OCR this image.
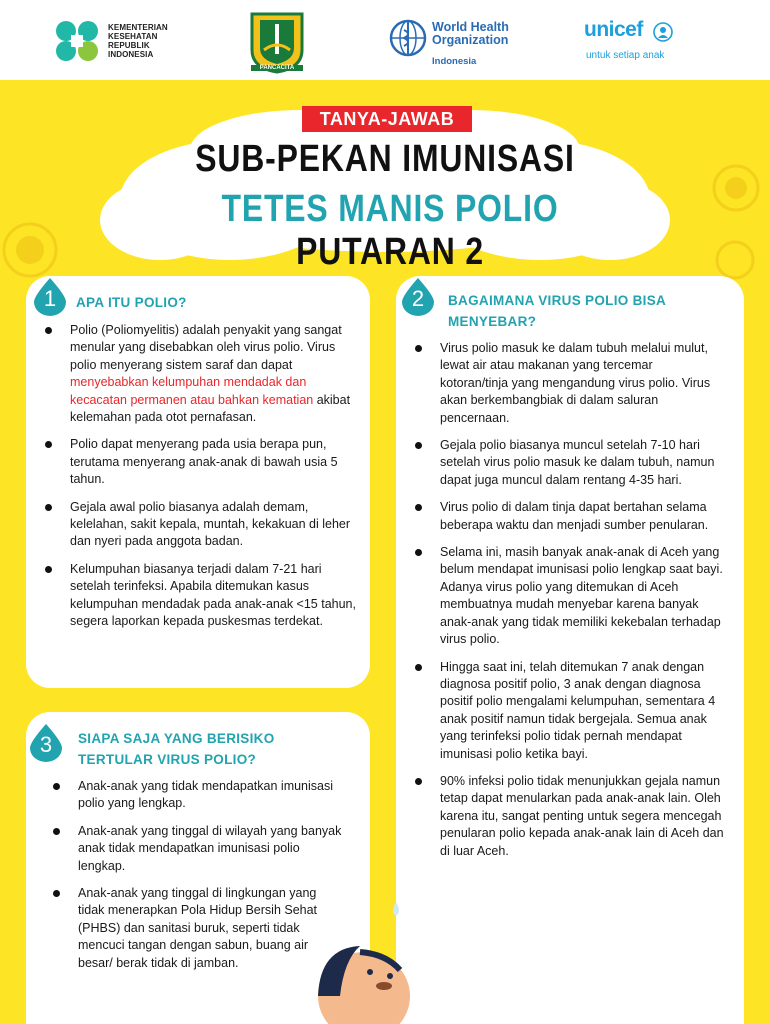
KEMENTERIAN
KESEHATAN
REPUBLIK
INDONESIA
PANCACITA
World Health
Organization
Indonesia
unicef
untuk setiap anak
TANYA-JAWAB
SUB-PEKAN IMUNISASI
TETES MANIS POLIO PUTARAN 2
1	APA ITU POLIO?
Polio (Poliomyelitis) adalah penyakit yang sangat menular yang disebabkan oleh virus polio. Virus polio menyerang sistem saraf dan dapat menyebabkan kelumpuhan mendadak dan kecacatan permanen atau bahkan kematian akibat kelemahan pada otot pernafasan.
Polio dapat menyerang pada usia berapa pun, terutama menyerang anak-anak di bawah usia 5 tahun.
Gejala awal polio biasanya adalah demam, kelelahan, sakit kepala, muntah, kekakuan di leher dan nyeri pada anggota badan.
Kelumpuhan biasanya terjadi dalam 7-21 hari setelah terinfeksi. Apabila ditemukan kasus kelumpuhan mendadak pada anak-anak <15 tahun, segera laporkan kepada puskesmas terdekat.
2	BAGAIMANA VIRUS POLIO BISA MENYEBAR?
Virus polio masuk ke dalam tubuh melalui mulut, lewat air atau makanan yang tercemar kotoran/tinja yang mengandung virus polio. Virus akan berkembangbiak di dalam saluran pencernaan.
Gejala polio biasanya muncul setelah 7-10 hari setelah virus polio masuk ke dalam tubuh, namun dapat juga muncul dalam rentang 4-35 hari.
Virus polio di dalam tinja dapat bertahan selama beberapa waktu dan menjadi sumber penularan.
Selama ini, masih banyak anak-anak di Aceh yang belum mendapat imunisasi polio lengkap saat bayi. Adanya virus polio yang ditemukan di Aceh membuatnya mudah menyebar karena banyak anak-anak yang tidak memiliki kekebalan terhadap virus polio.
Hingga saat ini, telah ditemukan 7 anak dengan diagnosa positif polio, 3 anak dengan diagnosa positif polio mengalami kelumpuhan, sementara 4 anak positif namun tidak bergejala. Semua anak yang terinfeksi polio tidak pernah mendapat imunisasi polio ketika bayi.
90% infeksi polio tidak menunjukkan gejala namun tetap dapat menularkan pada anak-anak lain. Oleh karena itu, sangat penting untuk segera mencegah penularan polio kepada anak-anak lain di Aceh dan di luar Aceh.
3	SIAPA SAJA YANG BERISIKO TERTULAR VIRUS POLIO?
Anak-anak yang tidak mendapatkan imunisasi polio yang lengkap.
Anak-anak yang tinggal di wilayah yang banyak anak tidak mendapatkan imunisasi polio lengkap.
Anak-anak yang tinggal di lingkungan yang tidak menerapkan Pola Hidup Bersih Sehat (PHBS) dan sanitasi buruk, seperti tidak mencuci tangan dengan sabun, buang air besar/ berak tidak di jamban.
